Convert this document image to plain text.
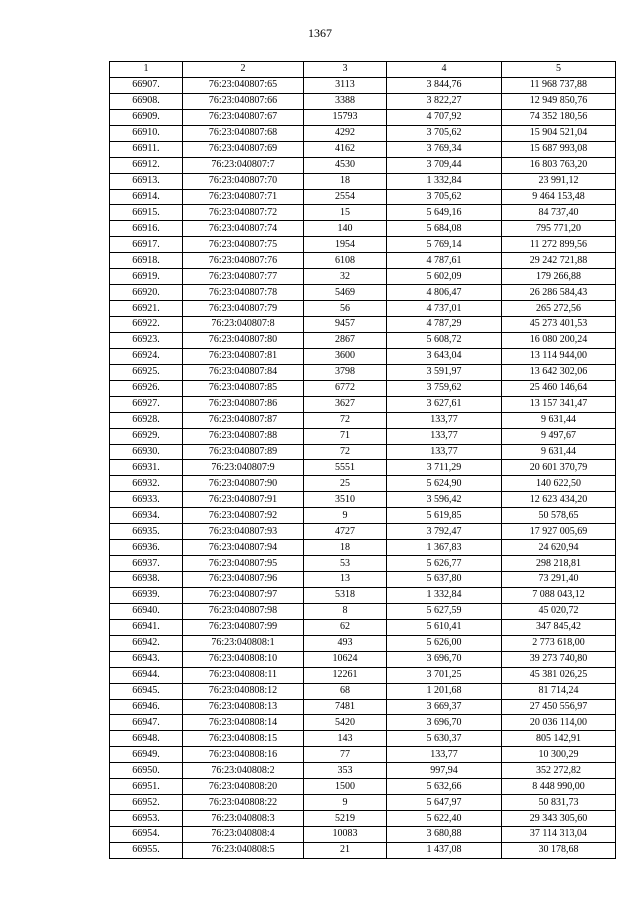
1367
1	2	3	4	5
66907.	76:23:040807:65	3113	3 844,76	11 968 737,88
66908.	76:23:040807:66	3388	3 822,27	12 949 850,76
66909.	76:23:040807:67	15793	4 707,92	74 352 180,56
66910.	76:23:040807:68	4292	3 705,62	15 904 521,04
66911.	76:23:040807:69	4162	3 769,34	15 687 993,08
66912.	76:23:040807:7	4530	3 709,44	16 803 763,20
66913.	76:23:040807:70	18	1 332,84	23 991,12
66914.	76:23:040807:71	2554	3 705,62	9 464 153,48
66915.	76:23:040807:72	15	5 649,16	84 737,40
66916.	76:23:040807:74	140	5 684,08	795 771,20
66917.	76:23:040807:75	1954	5 769,14	11 272 899,56
66918.	76:23:040807:76	6108	4 787,61	29 242 721,88
66919.	76:23:040807:77	32	5 602,09	179 266,88
66920.	76:23:040807:78	5469	4 806,47	26 286 584,43
66921.	76:23:040807:79	56	4 737,01	265 272,56
66922.	76:23:040807:8	9457	4 787,29	45 273 401,53
66923.	76:23:040807:80	2867	5 608,72	16 080 200,24
66924.	76:23:040807:81	3600	3 643,04	13 114 944,00
66925.	76:23:040807:84	3798	3 591,97	13 642 302,06
66926.	76:23:040807:85	6772	3 759,62	25 460 146,64
66927.	76:23:040807:86	3627	3 627,61	13 157 341,47
66928.	76:23:040807:87	72	133,77	9 631,44
66929.	76:23:040807:88	71	133,77	9 497,67
66930.	76:23:040807:89	72	133,77	9 631,44
66931.	76:23:040807:9	5551	3 711,29	20 601 370,79
66932.	76:23:040807:90	25	5 624,90	140 622,50
66933.	76:23:040807:91	3510	3 596,42	12 623 434,20
66934.	76:23:040807:92	9	5 619,85	50 578,65
66935.	76:23:040807:93	4727	3 792,47	17 927 005,69
66936.	76:23:040807:94	18	1 367,83	24 620,94
66937.	76:23:040807:95	53	5 626,77	298 218,81
66938.	76:23:040807:96	13	5 637,80	73 291,40
66939.	76:23:040807:97	5318	1 332,84	7 088 043,12
66940.	76:23:040807:98	8	5 627,59	45 020,72
66941.	76:23:040807:99	62	5 610,41	347 845,42
66942.	76:23:040808:1	493	5 626,00	2 773 618,00
66943.	76:23:040808:10	10624	3 696,70	39 273 740,80
66944.	76:23:040808:11	12261	3 701,25	45 381 026,25
66945.	76:23:040808:12	68	1 201,68	81 714,24
66946.	76:23:040808:13	7481	3 669,37	27 450 556,97
66947.	76:23:040808:14	5420	3 696,70	20 036 114,00
66948.	76:23:040808:15	143	5 630,37	805 142,91
66949.	76:23:040808:16	77	133,77	10 300,29
66950.	76:23:040808:2	353	997,94	352 272,82
66951.	76:23:040808:20	1500	5 632,66	8 448 990,00
66952.	76:23:040808:22	9	5 647,97	50 831,73
66953.	76:23:040808:3	5219	5 622,40	29 343 305,60
66954.	76:23:040808:4	10083	3 680,88	37 114 313,04
66955.	76:23:040808:5	21	1 437,08	30 178,68
